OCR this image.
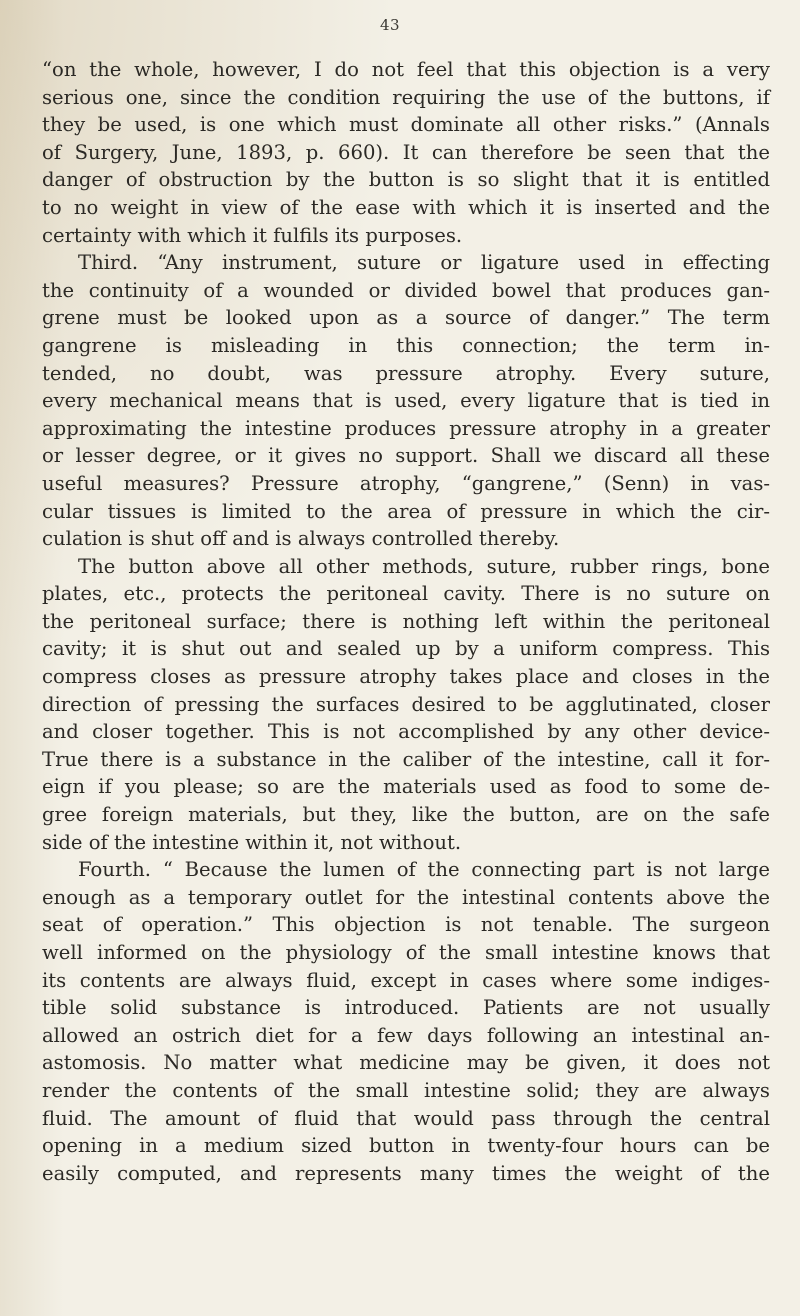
43
“on the whole, however, I do not feel that this objection is a very
serious one, since the condition requiring the use of the buttons, if
they be used, is one which must dominate all other risks.” (Annals
of Surgery, June, 1893, p. 660). It can therefore be seen that the
danger of obstruction by the button is so slight that it is entitled
to no weight in view of the ease with which it is inserted and the
certainty with which it fulfils its purposes.
Third. “Any instrument, suture or ligature used in effecting
the continuity of a wounded or divided bowel that produces gan-
grene must be looked upon as a source of danger.” The term
gangrene is misleading in this connection; the term in-
tended, no doubt, was pressure atrophy. Every suture,
every mechanical means that is used, every ligature that is tied in
approximating the intestine produces pressure atrophy in a greater
or lesser degree, or it gives no support. Shall we discard all these
useful measures? Pressure atrophy, “gangrene,” (Senn) in vas-
cular tissues is limited to the area of pressure in which the cir-
culation is shut off and is always controlled thereby.
The button above all other methods, suture, rubber rings, bone
plates, etc., protects the peritoneal cavity. There is no suture on
the peritoneal surface; there is nothing left within the peritoneal
cavity; it is shut out and sealed up by a uniform compress. This
compress closes as pressure atrophy takes place and closes in the
direction of pressing the surfaces desired to be agglutinated, closer
and closer together. This is not accomplished by any other device-
True there is a substance in the caliber of the intestine, call it for-
eign if you please; so are the materials used as food to some de-
gree foreign materials, but they, like the button, are on the safe
side of the intestine within it, not without.
Fourth. “ Because the lumen of the connecting part is not large
enough as a temporary outlet for the intestinal contents above the
seat of operation.” This objection is not tenable. The surgeon
well informed on the physiology of the small intestine knows that
its contents are always fluid, except in cases where some indiges-
tible solid substance is introduced. Patients are not usually
allowed an ostrich diet for a few days following an intestinal an-
astomosis. No matter what medicine may be given, it does not
render the contents of the small intestine solid; they are always
fluid. The amount of fluid that would pass through the central
opening in a medium sized button in twenty-four hours can be
easily computed, and represents many times the weight of the
